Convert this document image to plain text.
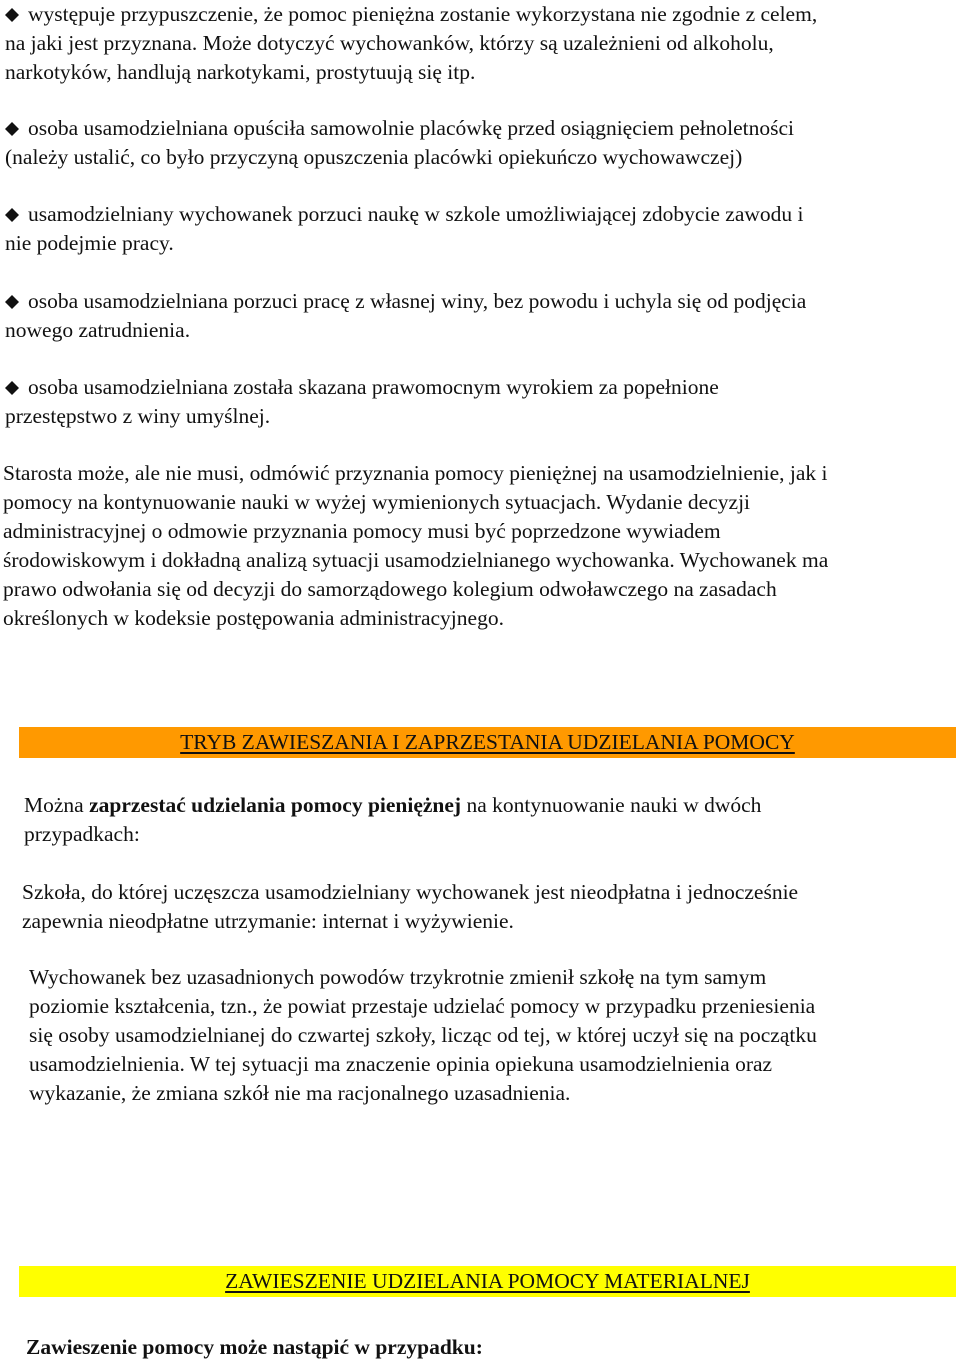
występuje przypuszczenie, że pomoc pieniężna zostanie wykorzystana nie zgodnie z celem,
na jaki jest przyznana. Może dotyczyć wychowanków, którzy są uzależnieni od alkoholu,
narkotyków, handlują narkotykami, prostytuują się itp.

osoba usamodzielniana opuściła samowolnie placówkę przed osiągnięciem pełnoletności
(należy ustalić, co było przyczyną opuszczenia placówki opiekuńczo wychowawczej)

usamodzielniany wychowanek porzuci naukę w szkole umożliwiającej zdobycie zawodu i
nie podejmie pracy.

osoba usamodzielniana porzuci pracę z własnej winy, bez powodu i uchyla się od podjęcia
nowego zatrudnienia.

osoba usamodzielniana została skazana prawomocnym wyrokiem za popełnione
przestępstwo z winy umyślnej.

Starosta może, ale nie musi, odmówić przyznania pomocy pieniężnej na usamodzielnienie, jak i
pomocy na kontynuowanie nauki w wyżej wymienionych sytuacjach. Wydanie decyzji
administracyjnej o odmowie przyznania pomocy musi być poprzedzone wywiadem
środowiskowym i dokładną analizą sytuacji usamodzielnianego wychowanka. Wychowanek ma
prawo odwołania się od decyzji do samorządowego kolegium odwoławczego na zasadach
określonych w kodeksie postępowania administracyjnego.

TRYB ZAWIESZANIA I ZAPRZESTANIA UDZIELANIA POMOCY

Można zaprzestać udzielania pomocy pieniężnej na kontynuowanie nauki w dwóch
przypadkach:

Szkoła, do której uczęszcza usamodzielniany wychowanek jest nieodpłatna i jednocześnie
zapewnia nieodpłatne utrzymanie: internat i wyżywienie.

Wychowanek bez uzasadnionych powodów trzykrotnie zmienił szkołę na tym samym
poziomie kształcenia, tzn., że powiat przestaje udzielać pomocy w przypadku przeniesienia
się osoby usamodzielnianej do czwartej szkoły, licząc od tej, w której uczył się na początku
usamodzielnienia. W tej sytuacji ma znaczenie opinia opiekuna usamodzielnienia oraz
wykazanie, że zmiana szkół nie ma racjonalnego uzasadnienia.

ZAWIESZENIE UDZIELANIA POMOCY MATERIALNEJ

Zawieszenie pomocy może nastąpić w przypadku:
